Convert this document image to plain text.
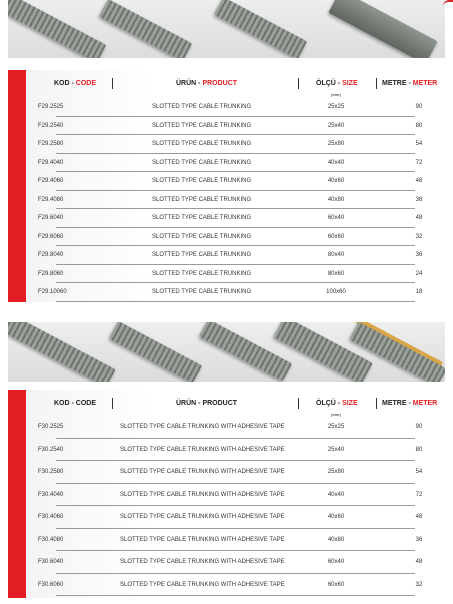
KOD - CODE	ÜRÜN - PRODUCT	ÖLÇÜ - SIZE	METRE - METER
(mm)
F29.2525	SLOTTED TYPE CABLE TRUNKING	25x25	90
F29.2540	SLOTTED TYPE CABLE TRUNKING	25x40	80
F29.2580	SLOTTED TYPE CABLE TRUNKING	25x80	54
F29.4040	SLOTTED TYPE CABLE TRUNKING	40x40	72
F29.4060	SLOTTED TYPE CABLE TRUNKING	40x60	48
F29.4080	SLOTTED TYPE CABLE TRUNKING	40x80	36
F29.6040	SLOTTED TYPE CABLE TRUNKING	60x40	48
F29.6060	SLOTTED TYPE CABLE TRUNKING	60x60	32
F29.8040	SLOTTED TYPE CABLE TRUNKING	80x40	36
F29.8060	SLOTTED TYPE CABLE TRUNKING	80x60	24
F29.10060	SLOTTED TYPE CABLE TRUNKING	100x60	18
KOD - CODE	ÜRÜN - PRODUCT	ÖLÇÜ - SIZE	METRE - METER
(mm)
F30.2525	SLOTTED TYPE CABLE TRUNKING WITH ADHESIVE TAPE	25x25	90
F30.2540	SLOTTED TYPE CABLE TRUNKING WITH ADHESIVE TAPE	25x40	80
F30.2580	SLOTTED TYPE CABLE TRUNKING WITH ADHESIVE TAPE	25x80	54
F30.4040	SLOTTED TYPE CABLE TRUNKING WITH ADHESIVE TAPE	40x40	72
F30.4060	SLOTTED TYPE CABLE TRUNKING WITH ADHESIVE TAPE	40x60	48
F30.4080	SLOTTED TYPE CABLE TRUNKING WITH ADHESIVE TAPE	40x80	36
F30.6040	SLOTTED TYPE CABLE TRUNKING WITH ADHESIVE TAPE	60x40	48
F30.6060	SLOTTED TYPE CABLE TRUNKING WITH ADHESIVE TAPE	60x60	32
